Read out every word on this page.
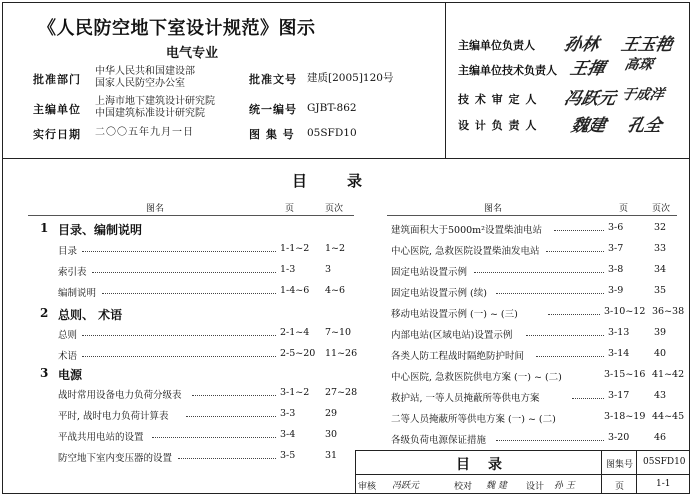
《人民防空地下室设计规范》图示
电气专业
批准部门
中华人民共和国建设部
国家人民防空办公室
主编单位
上海市地下建筑设计研究院
中国建筑标准设计研究院
实行日期 二〇〇五年九月一日
批准文号 建质[2005]120号
统一编号 GJBT-862
图 集 号 05SFD10
主编单位负责人 孙林 王玉艳
主编单位技术负责人 王揮 高琛
技 术 审 定 人 冯跃元 于成洋
设 计 负 责 人 魏建 孔全
目录
图名	页	页次	图名	页	页次
1 目录、编制说明
目录	1-1~2 1~2
索引表	1-3	3
编制说明	1-4~6 4~6
2 总则、 术语
总则	2-1~4 7~10
术语	2-5~20 11~26
3 电源
战时常用设备电力负荷分级表	3-1~2 27~28
平时, 战时电力负荷计算表	3-3	29
平战共用电站的设置	3-4	30
防空地下室内变压器的设置	3-5	31
建筑面积大于5000m²设置柴油电站	3-6	32
中心医院, 急救医院设置柴油发电站	3-7	33
固定电站设置示例	3-8	34
固定电站设置示例 (续)	3-9	35
移动电站设置示例 (一) ~ (三)	3-10~12 36~38
内部电站(区域电站)设置示例	3-13	39
各类人防工程战时隔绝防护时间	3-14	40
中心医院, 急救医院供电方案 (一) ~ (二)	3-15~16 41~42
救护站, 一等人员掩蔽所等供电方案	3-17	43
二等人员掩蔽所等供电方案 (一) ~ (二)	3-18~19 44~45
各级负荷电源保证措施	3-20	46
目录	图集号 05SFD10
审核 冯跃元	校对 魏 建 设计 孙 王	页	1-1
